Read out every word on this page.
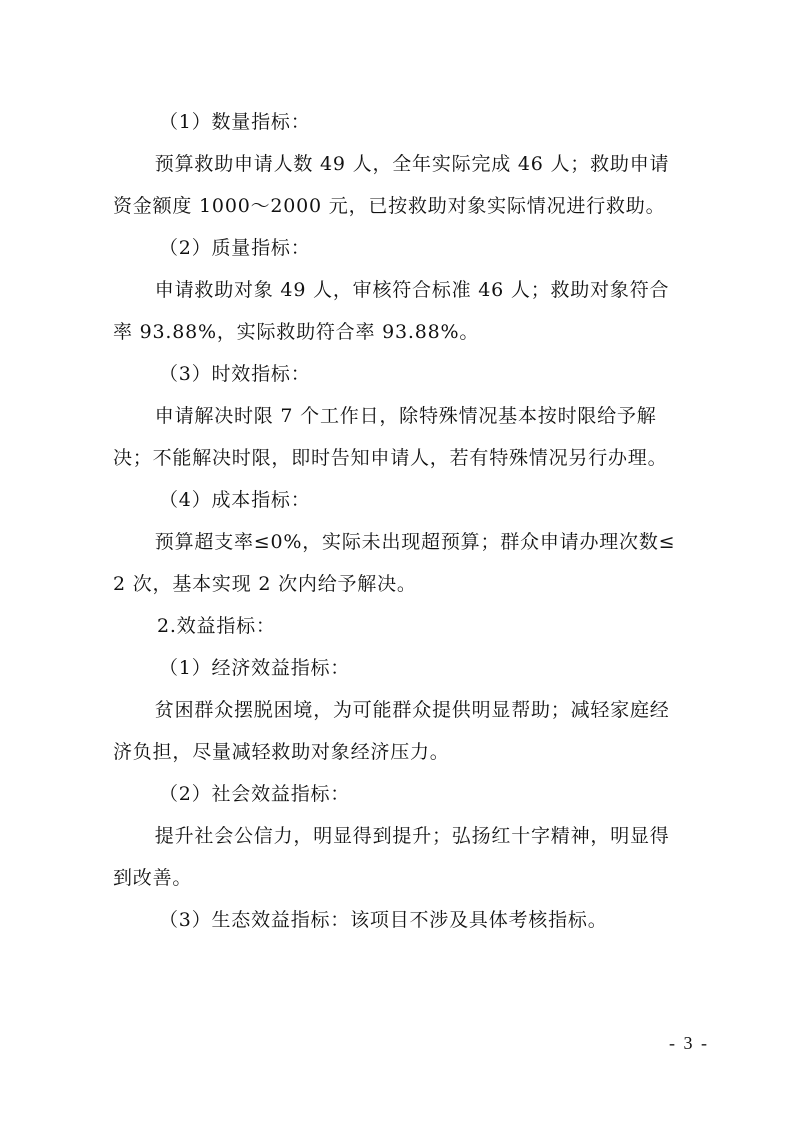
（1）数量指标：

预算救助申请人数 49 人，全年实际完成 46 人；救助申请资金额度 1000～2000 元，已按救助对象实际情况进行救助。

（2）质量指标：

申请救助对象 49 人，审核符合标准 46 人；救助对象符合率 93.88%，实际救助符合率 93.88%。

（3）时效指标：

申请解决时限 7 个工作日，除特殊情况基本按时限给予解决；不能解决时限，即时告知申请人，若有特殊情况另行办理。

（4）成本指标：

预算超支率≤0%，实际未出现超预算；群众申请办理次数≤2 次，基本实现 2 次内给予解决。

2.效益指标：

（1）经济效益指标：

贫困群众摆脱困境，为可能群众提供明显帮助；减轻家庭经济负担，尽量减轻救助对象经济压力。

（2）社会效益指标：

提升社会公信力，明显得到提升；弘扬红十字精神，明显得到改善。

（3）生态效益指标：该项目不涉及具体考核指标。

- 3 -
